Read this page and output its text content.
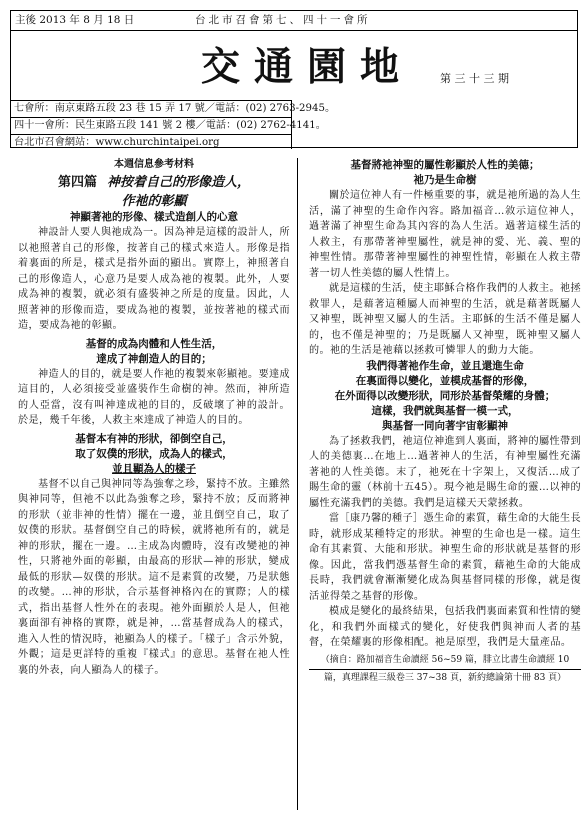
主後 2013 年 8 月 18 日	台北市召會第七、四十一會所
交通園地 第三十三期
七會所：南京東路五段 23 巷 15 弄 17 號／電話：(02) 2763-2945。
四十一會所：民生東路五段 141 號 2 樓／電話：(02) 2762-4141。
台北市召會網站：www.churchintaipei.org
本週信息參考材料
第四篇 神按着自己的形像造人，
作祂的彰顯
神顯著祂的形像、樣式造創人的心意

神設計人要人與祂成為一。因為神是這樣的設計人，所以祂照著自己的形像，按著自己的樣式來造人。形像是指着裏面的所是，樣式是指外面的顯出。實際上，神照著自己的形像造人，心意乃是要人成為祂的複製。此外，人要成為神的複製，就必須有盛裝神之所是的度量。因此，人照著神的形像而造，要成為祂的複製，並按著祂的樣式而造，要成為祂的彰顯。

基督的成為肉體和人性生活，
達成了神創造人的目的；

神造人的目的，就是要人作祂的複製來彰顯祂。要達成這目的，人必須接受並盛裝作生命樹的神。然而，神所造的人亞當，沒有叫神達成祂的目的，反破壞了神的設計。於是，幾千年後，人救主來達成了神造人的目的。

基督本有神的形狀，卻倒空自己，
取了奴僕的形狀，成為人的樣式，
並且顯為人的樣子

基督不以自己與神同等為強奪之珍，緊持不放。主雖然與神同等，但祂不以此為強奪之珍，緊持不放；反而將神的形狀（並非神的性情）擺在一邊，並且倒空自己，取了奴僕的形狀。基督倒空自己的時候，就將祂所有的，就是神的形狀，擺在一邊。…主成為肉體時，沒有改變祂的神性，只將祂外面的彰顯，由最高的形狀—神的形狀，變成最低的形狀—奴僕的形狀。這不是素質的改變，乃是狀態的改變。…神的形狀，合示基督神格內在的實際；人的樣式，指出基督人性外在的表現。祂外面顯於人是人，但祂裏面卻有神格的實際，就是神，…當基督成為人的樣式，進入人性的情況時，祂顯為人的樣子。「樣子」含示外貌，外觀；這是更詳特的重複『樣式』的意思。基督在祂人性裏的外表，向人顯為人的樣子。

基督將祂神聖的屬性彰顯於人性的美德；
祂乃是生命樹

關於這位神人有一件極重要的事，就是祂所過的為人生活，滿了神聖的生命作內容。路加福音…敘示這位神人，過著滿了神聖生命為其內容的為人生活。過著這樣生活的人救主，有那帶著神聖屬性，就是神的愛、光、義、聖的神聖性情。那帶著神聖屬性的神聖性情，彰顯在人救主帶著一切人性美德的屬人性情上。

就是這樣的生活，使主耶穌合格作我們的人救主。祂拯救罪人，是藉著這種屬人而神聖的生活，就是藉著既屬人又神聖，既神聖又屬人的生活。主耶穌的生活不僅是屬人的，也不僅是神聖的；乃是既屬人又神聖，既神聖又屬人的。祂的生活是祂藉以拯救可憐罪人的動力大能。

我們得著祂作生命，並且還進生命
在裏面得以變化，並模成基督的形像，
在外面得以改變形狀，同形於基督榮耀的身體；
這樣，我們就與基督一模一式，
與基督一同向著宇宙彰顯神

為了拯救我們，祂這位神進到人裏面，將神的屬性帶到人的美德裏…在地上…過著神人的生活，有神聖屬性充滿著祂的人性美德。末了，祂死在十字架上，又復活…成了賜生命的靈（林前十五45）。現今祂是賜生命的靈…以神的屬性充滿我們的美德。我們是這樣天天蒙拯救。

當［康乃馨的種子］憑生命的素質，藉生命的大能生長時，就形成某種特定的形狀。神聖的生命也是一樣。這生命有其素質、大能和形狀。神聖生命的形狀就是基督的形像。因此，當我們憑基督生命的素質，藉祂生命的大能成長時，我們就會漸漸變化成為與基督同樣的形像，就是復活並得榮之基督的形像。

模成是變化的最終結果，包括我們裏面素質和性情的變化，和我們外面樣式的變化，好使我們與神而人者的基督，在榮耀裏的形像相配。祂是原型，我們是大量產品。

（摘自：路加福音生命讀經 56~59 篇，腓立比書生命讀經 10
篇，真理課程三級卷三 37~38 頁，新約總論第十冊 83 頁）
